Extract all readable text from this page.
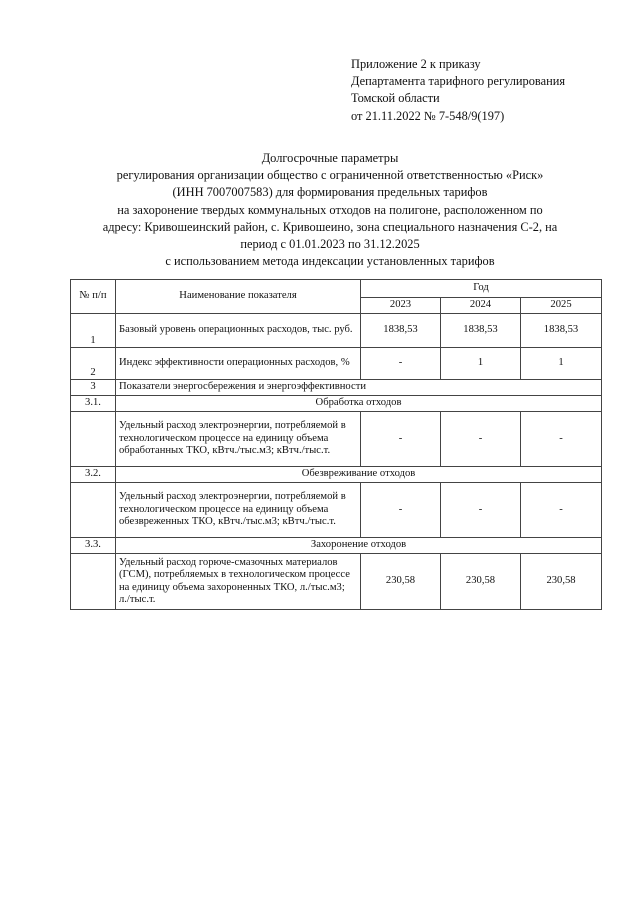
Приложение 2 к приказу
Департамента тарифного регулирования
Томской области
от 21.11.2022 № 7-548/9(197)
Долгосрочные параметры
регулирования организации общество с ограниченной ответственностью «Риск»
(ИНН 7007007583) для формирования предельных тарифов
на захоронение твердых коммунальных отходов на полигоне, расположенном по
адресу: Кривошеинский район, с. Кривошеино, зона специального назначения С-2, на
период с 01.01.2023 по 31.12.2025
с использованием метода индексации установленных тарифов
№ п/п	Наименование показателя	Год		
		2023	2024	2025
1	Базовый уровень операционных расходов, тыс. руб.	1838,53	1838,53	1838,53
2	Индекс эффективности операционных расходов, %	-	1	1
3	Показатели энергосбережения и энергоэффективности			
3.1.	Обработка отходов			
	Удельный расход электроэнергии, потребляемой в технологическом процессе на единицу объема обработанных ТКО, кВтч./тыс.м3; кВтч./тыс.т.	-	-	-
3.2.	Обезвреживание отходов			
	Удельный расход электроэнергии, потребляемой в технологическом процессе на единицу объема обезвреженных ТКО, кВтч./тыс.м3; кВтч./тыс.т.	-	-	-
3.3.	Захоронение отходов			
	Удельный расход горюче-смазочных материалов (ГСМ), потребляемых в технологическом процессе на единицу объема захороненных ТКО, л./тыс.м3; л./тыс.т.	230,58	230,58	230,58
